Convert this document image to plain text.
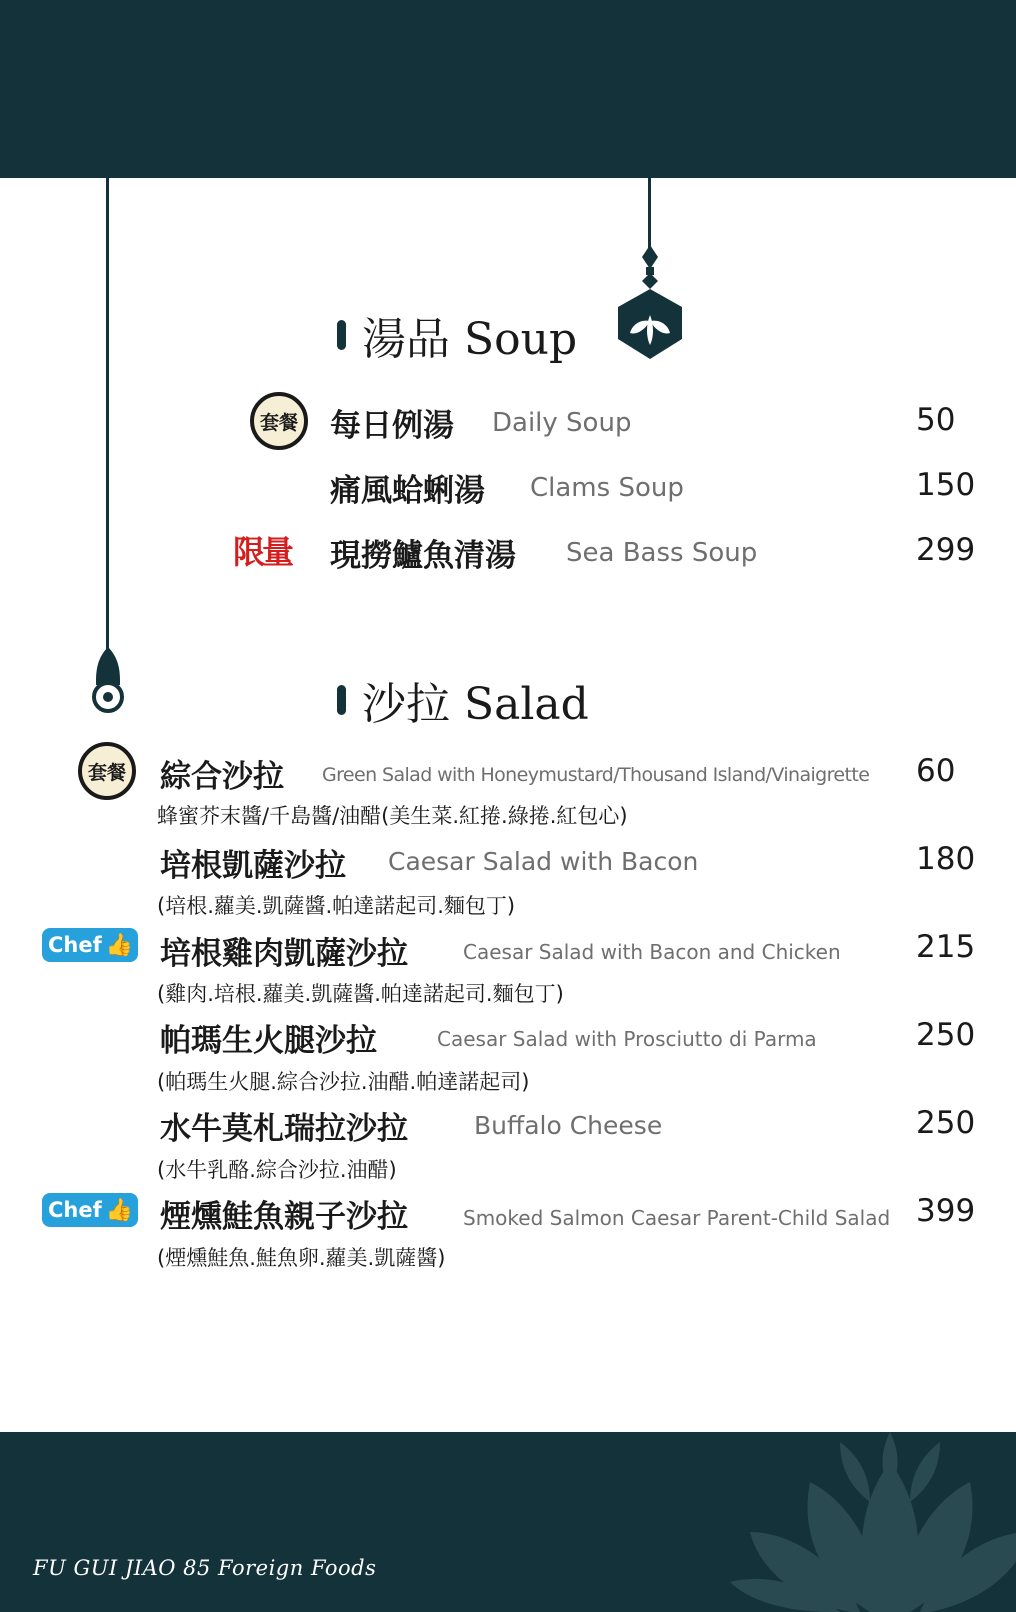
湯品 Soup
套餐	每日例湯 Daily Soup	50
痛風蛤蜊湯 Clams Soup	150
限量 現撈鱸魚清湯 Sea Bass Soup	299
沙拉 Salad
套餐	綜合沙拉 Green Salad with Honeymustard/Thousand Island/Vinaigrette 60
蜂蜜芥末醬/千島醬/油醋(美生菜.紅捲.綠捲.紅包心)
培根凱薩沙拉 Caesar Salad with Bacon	180
(培根.蘿美.凱薩醬.帕達諾起司.麵包丁)
Chef 👍 培根雞肉凱薩沙拉	Caesar Salad with Bacon and Chicken 215
(雞肉.培根.蘿美.凱薩醬.帕達諾起司.麵包丁)
帕瑪生火腿沙拉	Caesar Salad with Prosciutto di Parma	250
(帕瑪生火腿.綜合沙拉.油醋.帕達諾起司)
水牛莫札瑞拉沙拉	Buffalo Cheese	250
(水牛乳酪.綜合沙拉.油醋)
Chef 👍 煙燻鮭魚親子沙拉	Smoked Salmon Caesar Parent-Child Salad 399
(煙燻鮭魚.鮭魚卵.蘿美.凱薩醬)
FU GUI JIAO 85 Foreign Foods
